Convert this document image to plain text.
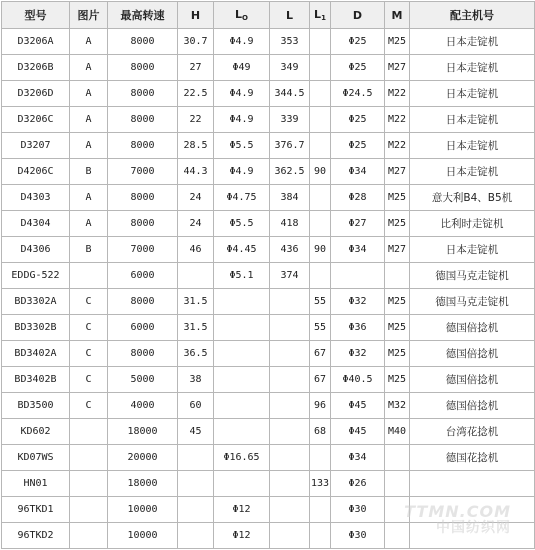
型号	图片	最高转速	H	$L_O$	L	$L_1$	D	M	配主机号
D3206A	A	8000	30.7	Φ4.9	353		Φ25	M25	日本走锭机
D3206B	A	8000	27	Φ49	349		Φ25	M27	日本走锭机
D3206D	A	8000	22.5	Φ4.9	344.5		Φ24.5	M22	日本走锭机
D3206C	A	8000	22	Φ4.9	339		Φ25	M22	日本走锭机
D3207	A	8000	28.5	Φ5.5	376.7		Φ25	M22	日本走锭机
D4206C	B	7000	44.3	Φ4.9	362.5	90	Φ34	M27	日本走锭机
D4303	A	8000	24	Φ4.75	384		Φ28	M25	意大利B4、B5机
D4304	A	8000	24	Φ5.5	418		Φ27	M25	比利时走锭机
D4306	B	7000	46	Φ4.45	436	90	Φ34	M27	日本走锭机
EDDG-522		6000		Φ5.1	374				德国马克走锭机
BD3302A	C	8000	31.5			55	Φ32	M25	德国马克走锭机
BD3302B	C	6000	31.5			55	Φ36	M25	德国倍捻机
BD3402A	C	8000	36.5			67	Φ32	M25	德国倍捻机
BD3402B	C	5000	38			67	Φ40.5	M25	德国倍捻机
BD3500	C	4000	60			96	Φ45	M32	德国倍捻机
KD602		18000	45			68	Φ45	M40	台湾花捻机
KD07WS		20000		Φ16.65			Φ34		德国花捻机
HN01		18000				133	Φ26		
96TKD1		10000		Φ12			Φ30		
96TKD2		10000		Φ12			Φ30		
TTMN.COM
中国纺织网
